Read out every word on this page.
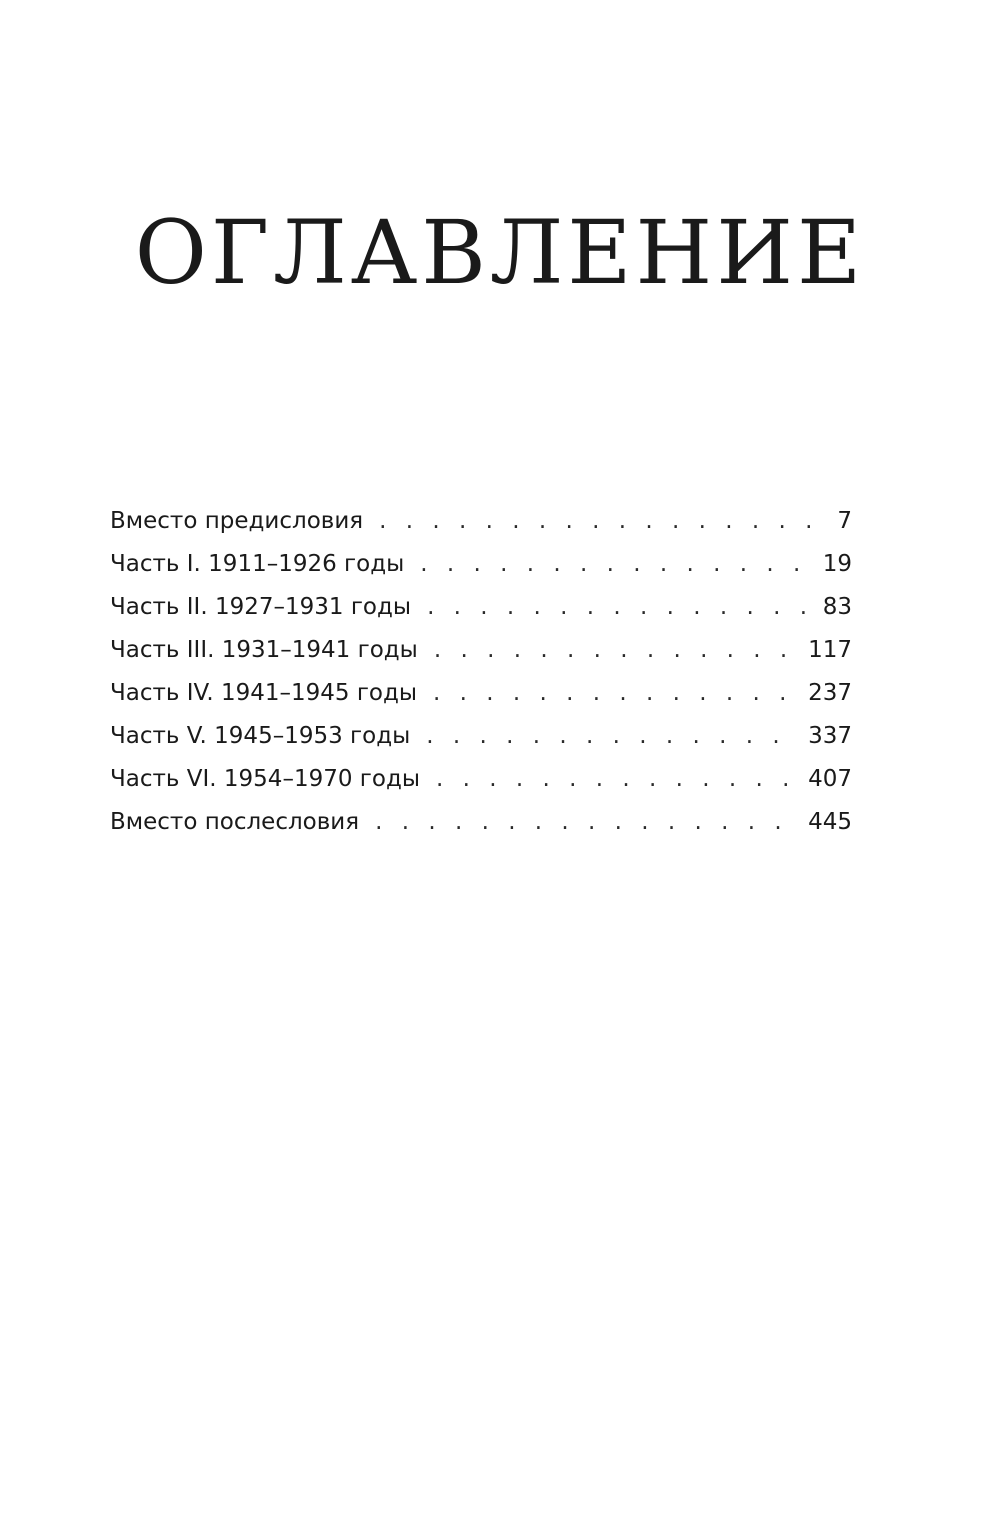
ОГЛАВЛЕНИЕ
Вместо предисловия . . .	7
Часть I. 1911–1926 годы . . .	19
Часть II. 1927–1931 годы . . .	83
Часть III. 1931–1941 годы . . .	117
Часть IV. 1941–1945 годы . . .	237
Часть V. 1945–1953 годы . . .	337
Часть VI. 1954–1970 годы . . .	407
Вместо послесловия . . .	445
